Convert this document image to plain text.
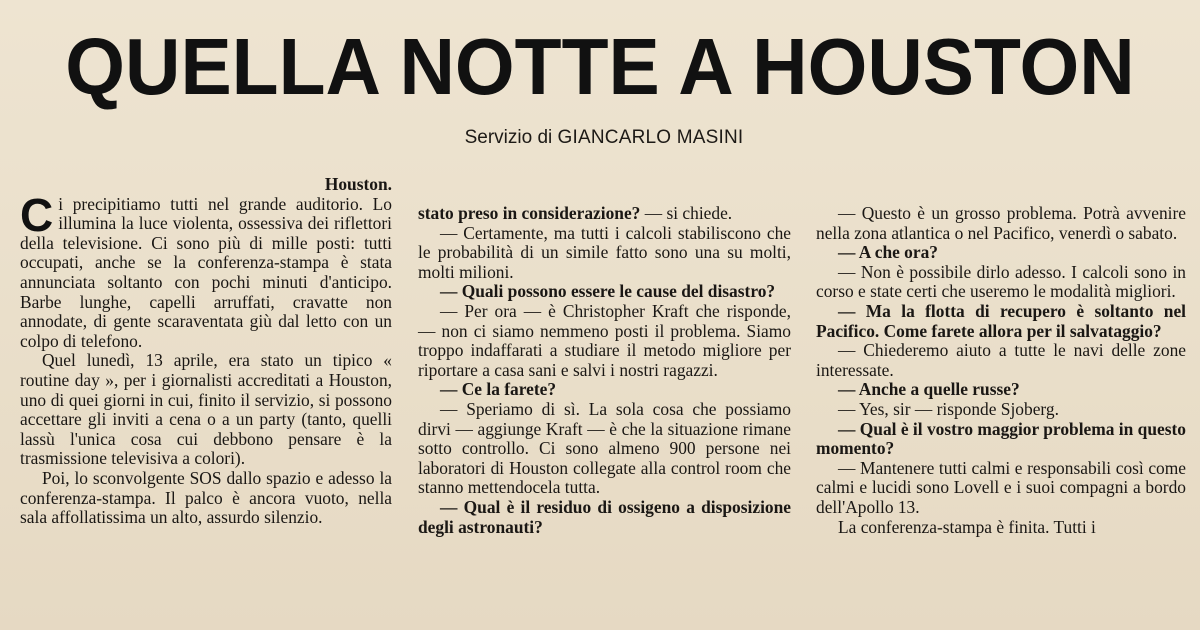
QUELLA NOTTE A HOUSTON
Servizio di GIANCARLO MASINI

Houston.

Ci precipitiamo tutti nel grande auditorio. Lo illumina la luce violenta, ossessiva dei riflettori della televisione. Ci sono più di mille posti: tutti occupati, anche se la conferenza-stampa è stata annunciata soltanto con pochi minuti d'anticipo. Barbe lunghe, capelli arruffati, cravatte non annodate, di gente scaraventata giù dal letto con un colpo di telefono.

Quel lunedì, 13 aprile, era stato un tipico « routine day », per i giornalisti accreditati a Houston, uno di quei giorni in cui, finito il servizio, si possono accettare gli inviti a cena o a un party (tanto, quelli lassù l'unica cosa cui debbono pensare è la trasmissione televisiva a colori).

Poi, lo sconvolgente SOS dallo spazio e adesso la conferenza-stampa. Il palco è ancora vuoto, nella sala affollatissima un alto, assurdo silenzio.

stato preso in considerazione? — si chiede.

— Certamente, ma tutti i calcoli stabiliscono che le probabilità di un simile fatto sono una su molti, molti milioni.

— Quali possono essere le cause del disastro?

— Per ora — è Christopher Kraft che risponde, — non ci siamo nemmeno posti il problema. Siamo troppo indaffarati a studiare il metodo migliore per riportare a casa sani e salvi i nostri ragazzi.

— Ce la farete?

— Speriamo di sì. La sola cosa che possiamo dirvi — aggiunge Kraft — è che la situazione rimane sotto controllo. Ci sono almeno 900 persone nei laboratori di Houston collegate alla control room che stanno mettendocela tutta.

— Qual è il residuo di ossigeno a disposizione degli astronauti?

— Questo è un grosso problema. Potrà avvenire nella zona atlantica o nel Pacifico, venerdì o sabato.

— A che ora?

— Non è possibile dirlo adesso. I calcoli sono in corso e state certi che useremo le modalità migliori.

— Ma la flotta di recupero è soltanto nel Pacifico. Come farete allora per il salvataggio?

— Chiederemo aiuto a tutte le navi delle zone interessate.

— Anche a quelle russe?

— Yes, sir — risponde Sjoberg.

— Qual è il vostro maggior problema in questo momento?

— Mantenere tutti calmi e responsabili così come calmi e lucidi sono Lovell e i suoi compagni a bordo dell'Apollo 13.

La conferenza-stampa è finita. Tutti i
